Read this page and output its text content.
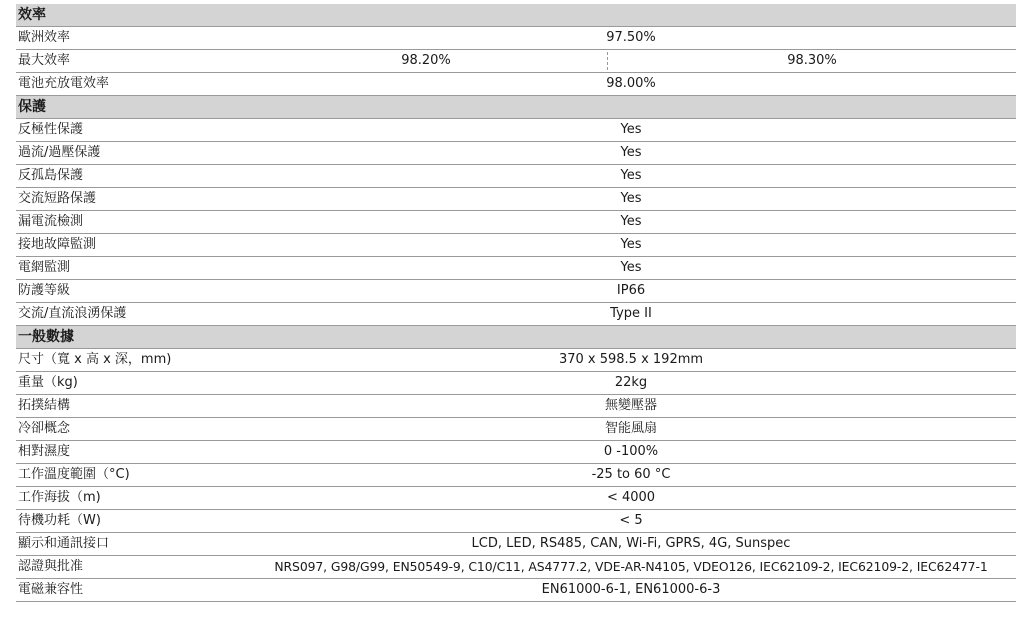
效率
歐洲效率	97.50%
最大效率	98.20%	98.30%
電池充放電效率	98.00%
保護
反極性保護	Yes
過流/過壓保護	Yes
反孤島保護	Yes
交流短路保護	Yes
漏電流檢測	Yes
接地故障監測	Yes
電網監測	Yes
防護等級	IP66
交流/直流浪湧保護	Type II
一般數據
尺寸（寬 x 高 x 深，mm)	370 x 598.5 x 192mm
重量（kg)	22kg
拓撲結構	無變壓器
冷卻概念	智能風扇
相對濕度	0 -100%
工作溫度範圍（°C)	-25 to 60 °C
工作海拔（m)	< 4000
待機功耗（W)	< 5
顯示和通訊接口	LCD, LED, RS485, CAN, Wi-Fi, GPRS, 4G, Sunspec
認證與批准	NRS097, G98/G99, EN50549-9, C10/C11, AS4777.2, VDE-AR-N4105, VDEO126, IEC62109-2, IEC62109-2, IEC62477-1
電磁兼容性	EN61000-6-1, EN61000-6-3
